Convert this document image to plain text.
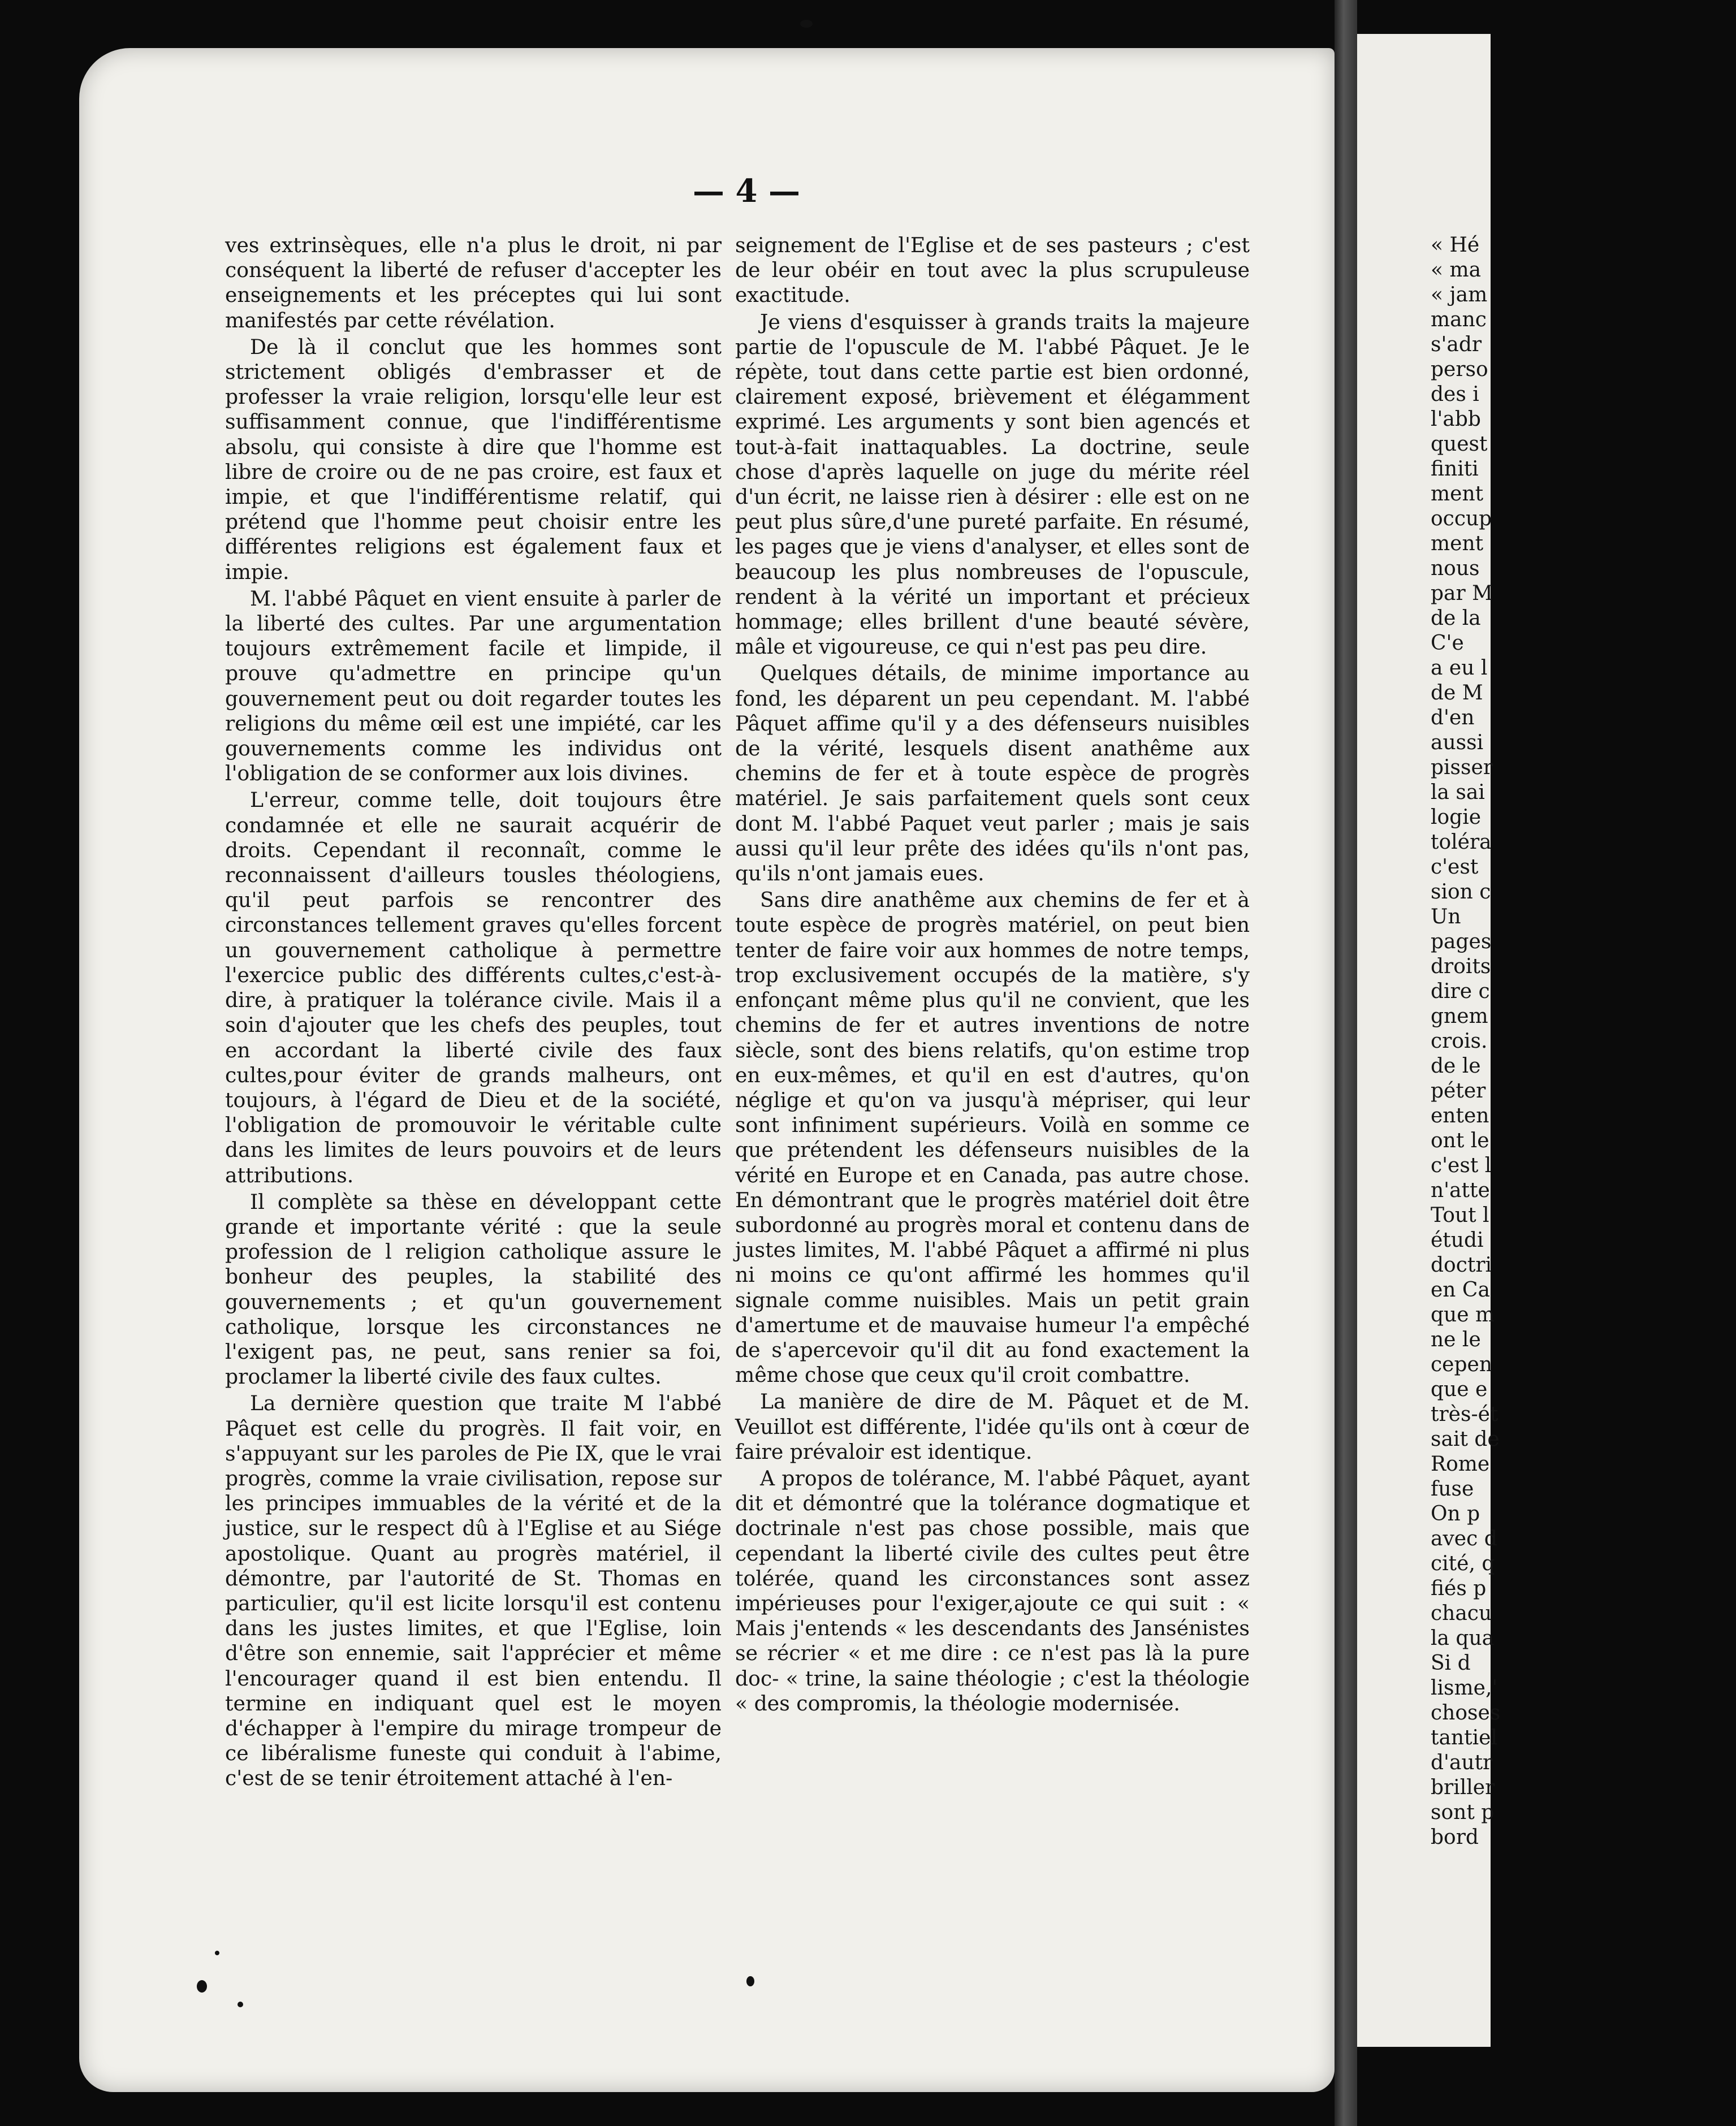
— 4 —

ves extrinsèques, elle n'a plus le droit, ni par conséquent la liberté de refuser d'accepter les enseignements et les préceptes qui lui sont manifestés par cette révélation.

De là il conclut que les hommes sont strictement obligés d'embrasser et de professer la vraie religion, lorsqu'elle leur est suffisamment connue, que l'indifférentisme absolu, qui consiste à dire que l'homme est libre de croire ou de ne pas croire, est faux et impie, et que l'indifférentisme relatif, qui prétend que l'homme peut choisir entre les différentes religions est également faux et impie.

M. l'abbé Pâquet en vient ensuite à parler de la liberté des cultes. Par une argumentation toujours extrêmement facile et limpide, il prouve qu'admettre en principe qu'un gouvernement peut ou doit regarder toutes les religions du même œil est une impiété, car les gouvernements comme les individus ont l'obligation de se conformer aux lois divines.

L'erreur, comme telle, doit toujours être condamnée et elle ne saurait acquérir de droits. Cependant il reconnaît, comme le reconnaissent d'ailleurs tousles théologiens, qu'il peut parfois se rencontrer des circonstances tellement graves qu'elles forcent un gouvernement catholique à permettre l'exercice public des différents cultes,c'est-à-dire, à pratiquer la tolérance civile. Mais il a soin d'ajouter que les chefs des peuples, tout en accordant la liberté civile des faux cultes,pour éviter de grands malheurs, ont toujours, à l'égard de Dieu et de la société, l'obligation de promouvoir le véritable culte dans les limites de leurs pouvoirs et de leurs attributions.

Il complète sa thèse en développant cette grande et importante vérité : que la seule profession de l religion catholique assure le bonheur des peuples, la stabilité des gouvernements ; et qu'un gouvernement catholique, lorsque les circonstances ne l'exigent pas, ne peut, sans renier sa foi, proclamer la liberté civile des faux cultes.

La dernière question que traite M l'abbé Pâquet est celle du progrès. Il fait voir, en s'appuyant sur les paroles de Pie IX, que le vrai progrès, comme la vraie civilisation, repose sur les principes immuables de la vérité et de la justice, sur le respect dû à l'Eglise et au Siége apostolique. Quant au progrès matériel, il démontre, par l'autorité de St. Thomas en particulier, qu'il est licite lorsqu'il est contenu dans les justes limites, et que l'Eglise, loin d'être son ennemie, sait l'apprécier et même l'encourager quand il est bien entendu. Il termine en indiquant quel est le moyen d'échapper à l'empire du mirage trompeur de ce libéralisme funeste qui conduit à l'abime, c'est de se tenir étroitement attaché à l'en-

seignement de l'Eglise et de ses pasteurs ; c'est de leur obéir en tout avec la plus scrupuleuse exactitude.

Je viens d'esquisser à grands traits la majeure partie de l'opuscule de M. l'abbé Pâquet. Je le répète, tout dans cette partie est bien ordonné, clairement exposé, brièvement et élégamment exprimé. Les arguments y sont bien agencés et tout-à-fait inattaquables. La doctrine, seule chose d'après laquelle on juge du mérite réel d'un écrit, ne laisse rien à désirer : elle est on ne peut plus sûre,d'une pureté parfaite. En résumé, les pages que je viens d'analyser, et elles sont de beaucoup les plus nombreuses de l'opuscule, rendent à la vérité un important et précieux hommage; elles brillent d'une beauté sévère, mâle et vigoureuse, ce qui n'est pas peu dire.

Quelques détails, de minime importance au fond, les déparent un peu cependant. M. l'abbé Pâquet affime qu'il y a des défenseurs nuisibles de la vérité, lesquels disent anathême aux chemins de fer et à toute espèce de progrès matériel. Je sais parfaitement quels sont ceux dont M. l'abbé Paquet veut parler ; mais je sais aussi qu'il leur prête des idées qu'ils n'ont pas, qu'ils n'ont jamais eues.

Sans dire anathême aux chemins de fer et à toute espèce de progrès matériel, on peut bien tenter de faire voir aux hommes de notre temps, trop exclusivement occupés de la matière, s'y enfonçant même plus qu'il ne convient, que les chemins de fer et autres inventions de notre siècle, sont des biens relatifs, qu'on estime trop en eux-mêmes, et qu'il en est d'autres, qu'on néglige et qu'on va jusqu'à mépriser, qui leur sont infiniment supérieurs. Voilà en somme ce que prétendent les défenseurs nuisibles de la vérité en Europe et en Canada, pas autre chose. En démontrant que le progrès matériel doit être subordonné au progrès moral et contenu dans de justes limites, M. l'abbé Pâquet a affirmé ni plus ni moins ce qu'ont affirmé les hommes qu'il signale comme nuisibles. Mais un petit grain d'amertume et de mauvaise humeur l'a empêché de s'apercevoir qu'il dit au fond exactement la même chose que ceux qu'il croit combattre.

La manière de dire de M. Pâquet et de M. Veuillot est différente, l'idée qu'ils ont à cœur de faire prévaloir est identique.

A propos de tolérance, M. l'abbé Pâquet, ayant dit et démontré que la tolérance dogmatique et doctrinale n'est pas chose possible, mais que cependant la liberté civile des cultes peut être tolérée, quand les circonstances sont assez impérieuses pour l'exiger,ajoute ce qui suit : « Mais j'entends « les descendants des Jansénistes se récrier « et me dire : ce n'est pas là la pure doc- « trine, la saine théologie ; c'est la théologie « des compromis, la théologie modernisée.

« Hé
« ma
« jam
manc
s'adr
perso
des i
l'abb
quest
finiti
ment
occup
ment
nous
par M
de la
C'e
a eu l
de M
d'en
aussi
pisser
la sai
logie
toléra
c'est
sion c
Un
pages
droits
dire c
gnem
crois.
de le
péter
enten
ont le
c'est l
n'atte
Tout l
étudi
doctri
en Ca
que m
ne le
cepen
que e
très-ét
sait de
Rome
fuse
On p
avec d
cité, q
fiés p
chacu
la qua
Si d
lisme,'
choses
tantiel
d'autr
briller
sont p
bord
